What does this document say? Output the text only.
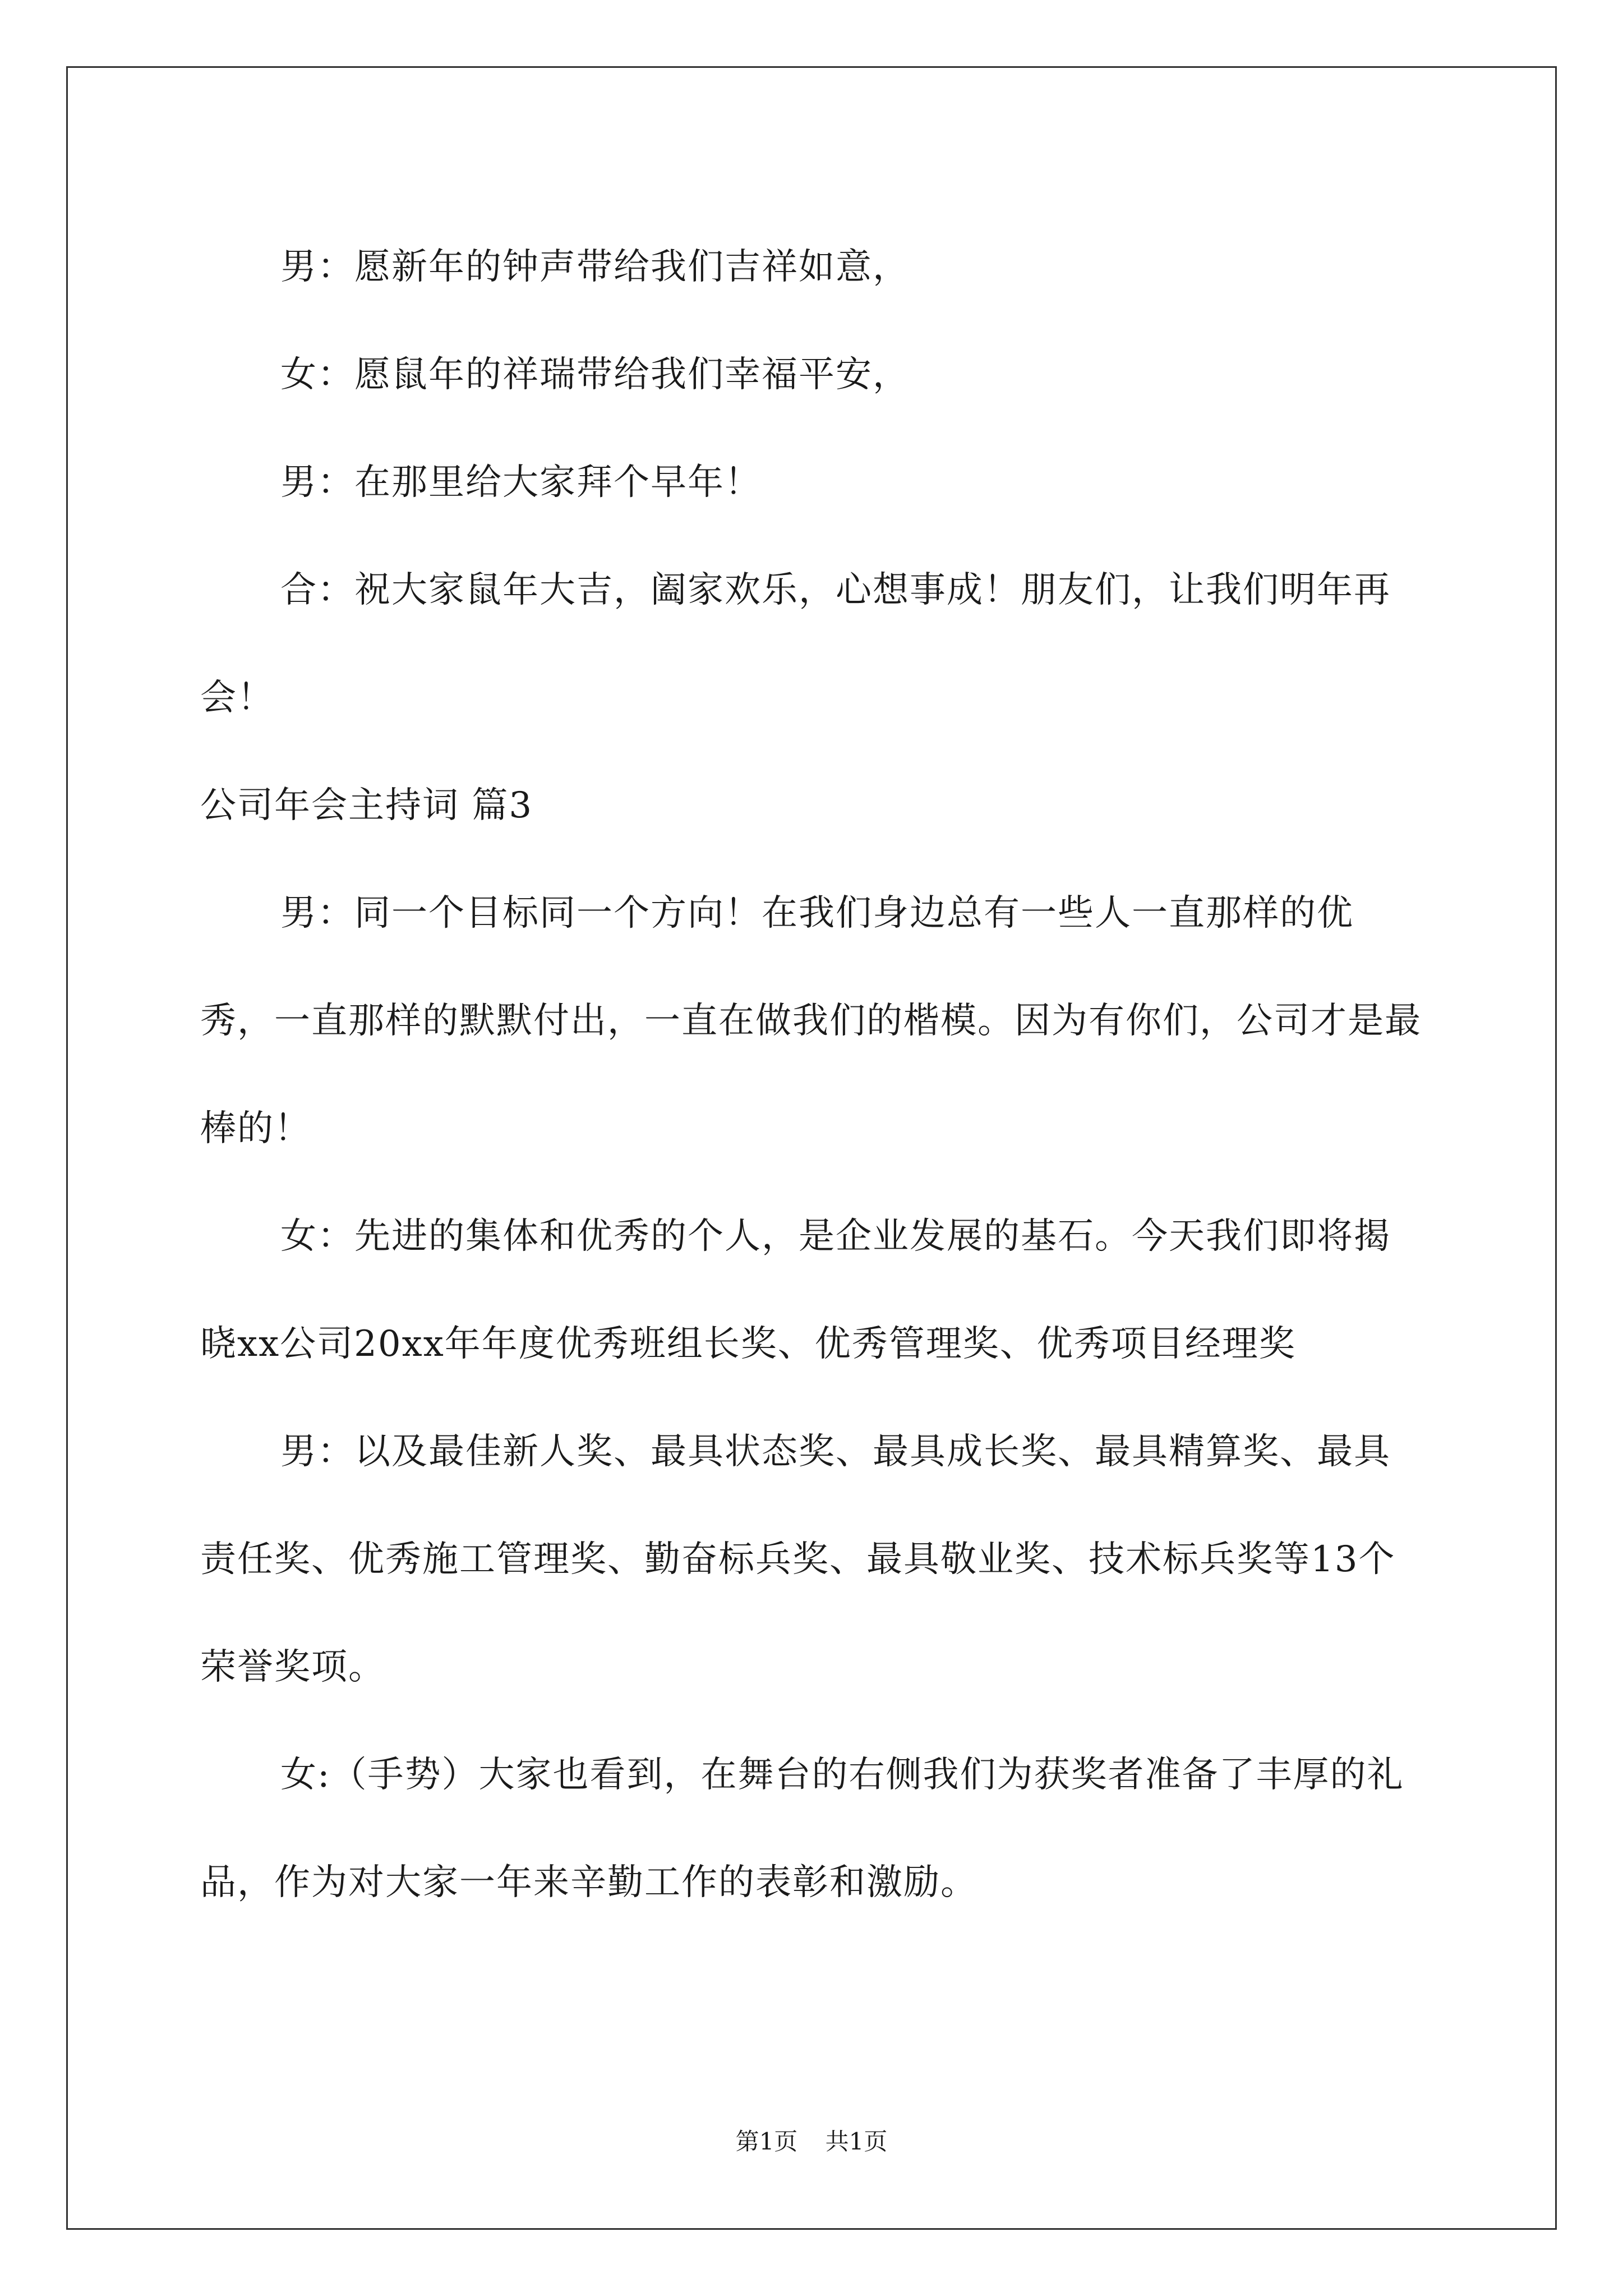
男：愿新年的钟声带给我们吉祥如意，

女：愿鼠年的祥瑞带给我们幸福平安，

男：在那里给大家拜个早年！

合：祝大家鼠年大吉，阖家欢乐，心想事成！朋友们，让我们明年再会！

公司年会主持词 篇3

男：同一个目标同一个方向！在我们身边总有一些人一直那样的优秀，一直那样的默默付出，一直在做我们的楷模。因为有你们，公司才是最棒的！

女：先进的集体和优秀的个人，是企业发展的基石。今天我们即将揭晓xx公司20xx年年度优秀班组长奖、优秀管理奖、优秀项目经理奖

男：以及最佳新人奖、最具状态奖、最具成长奖、最具精算奖、最具责任奖、优秀施工管理奖、勤奋标兵奖、最具敬业奖、技术标兵奖等13个荣誉奖项。

女:（手势）大家也看到，在舞台的右侧我们为获奖者准备了丰厚的礼品，作为对大家一年来辛勤工作的表彰和激励。

第1页 共1页
